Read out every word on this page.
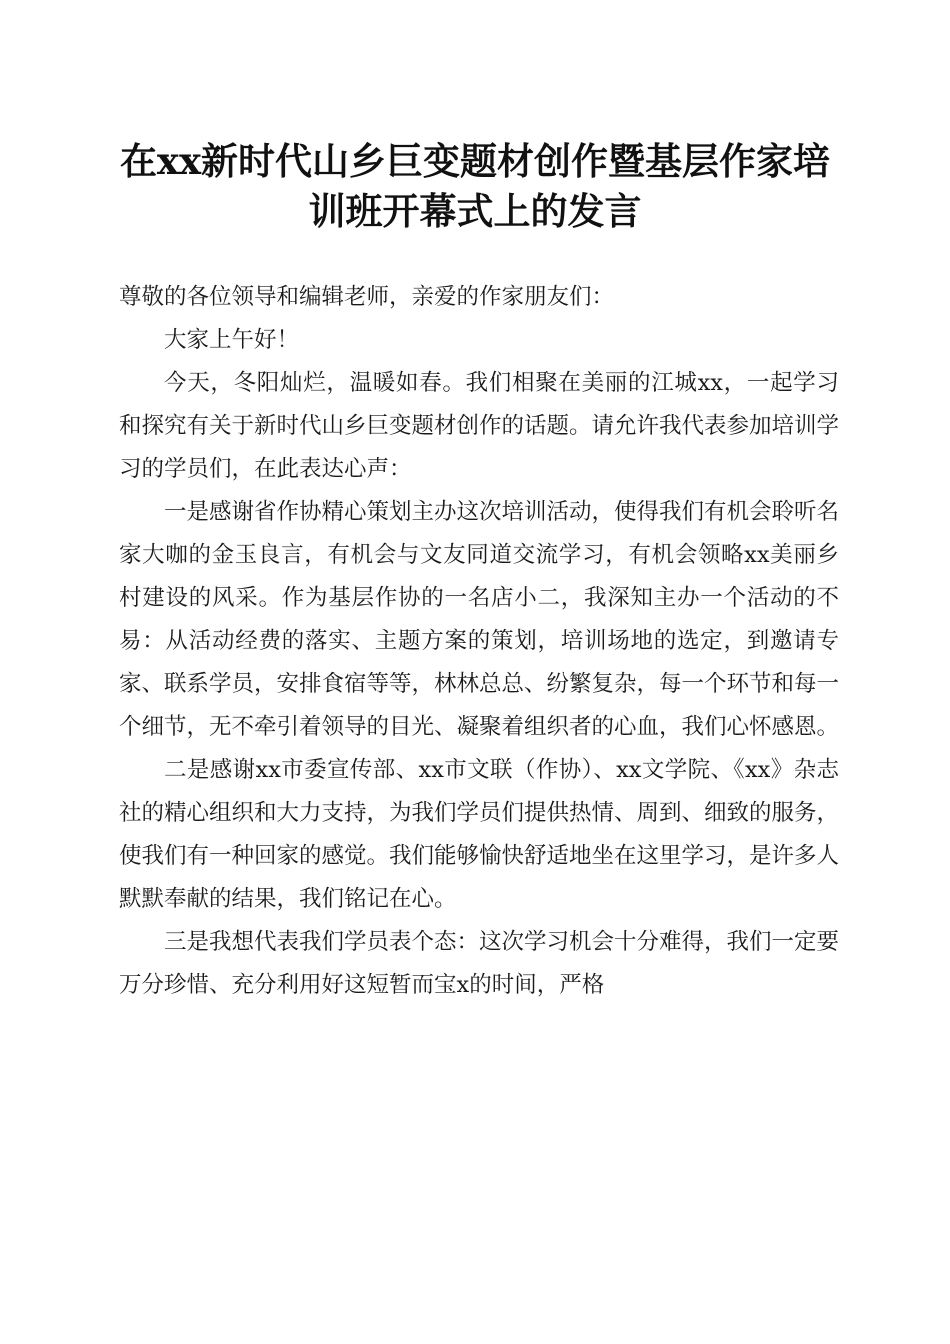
在xx新时代山乡巨变题材创作暨基层作家培
训班开幕式上的发言

尊敬的各位领导和编辑老师，亲爱的作家朋友们：

大家上午好！

今天，冬阳灿烂，温暖如春。我们相聚在美丽的江城xx，一起学习和探究有关于新时代山乡巨变题材创作的话题。请允许我代表参加培训学习的学员们，在此表达心声：

一是感谢省作协精心策划主办这次培训活动，使得我们有机会聆听名家大咖的金玉良言，有机会与文友同道交流学习，有机会领略xx美丽乡村建设的风采。作为基层作协的一名店小二，我深知主办一个活动的不易：从活动经费的落实、主题方案的策划，培训场地的选定，到邀请专家、联系学员，安排食宿等等，林林总总、纷繁复杂，每一个环节和每一个细节，无不牵引着领导的目光、凝聚着组织者的心血，我们心怀感恩。

二是感谢xx市委宣传部、xx市文联（作协）、xx文学院、《xx》杂志社的精心组织和大力支持，为我们学员们提供热情、周到、细致的服务，使我们有一种回家的感觉。我们能够愉快舒适地坐在这里学习，是许多人默默奉献的结果，我们铭记在心。

三是我想代表我们学员表个态：这次学习机会十分难得，我们一定要万分珍惜、充分利用好这短暂而宝x的时间，严格
